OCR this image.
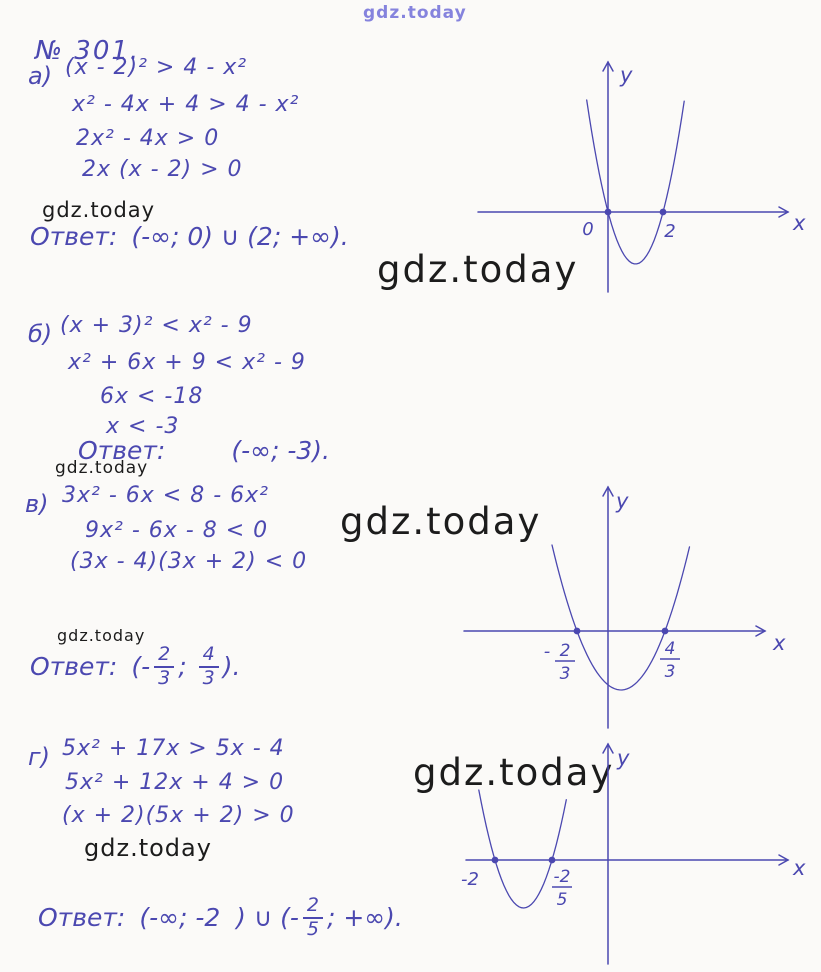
gdz.today
gdz.today
gdz.today
gdz.today
gdz.today
gdz.today
gdz.today
gdz.today
№ 301.
а) (x - 2)² > 4 - x²
x² - 4x + 4 > 4 - x²
2x² - 4x > 0
2x (x - 2) > 0
Ответ: (-∞; 0) ∪ (2; +∞).
б) (x + 3)² < x² - 9
x² + 6x + 9 < x² - 9
6x < -18
x < -3
Ответ:	(-∞; -3).
в) 3x² - 6x < 8 - 6x²
9x² - 6x - 8 < 0
(3x - 4)(3x + 2) < 0
Ответ: (- $\frac{2}{3}$ ; $\frac{4}{3}$ ).
г) 5x² + 17x > 5x - 4
5x² + 12x + 4 > 0
(x + 2)(5x + 2) > 0
Ответ: (-∞; -2  ) ∪ (- $\frac{2}{5}$ ; +∞).
0	2	x
y
- 2
3
4
3
x
y
-2	-2
5
x
y
